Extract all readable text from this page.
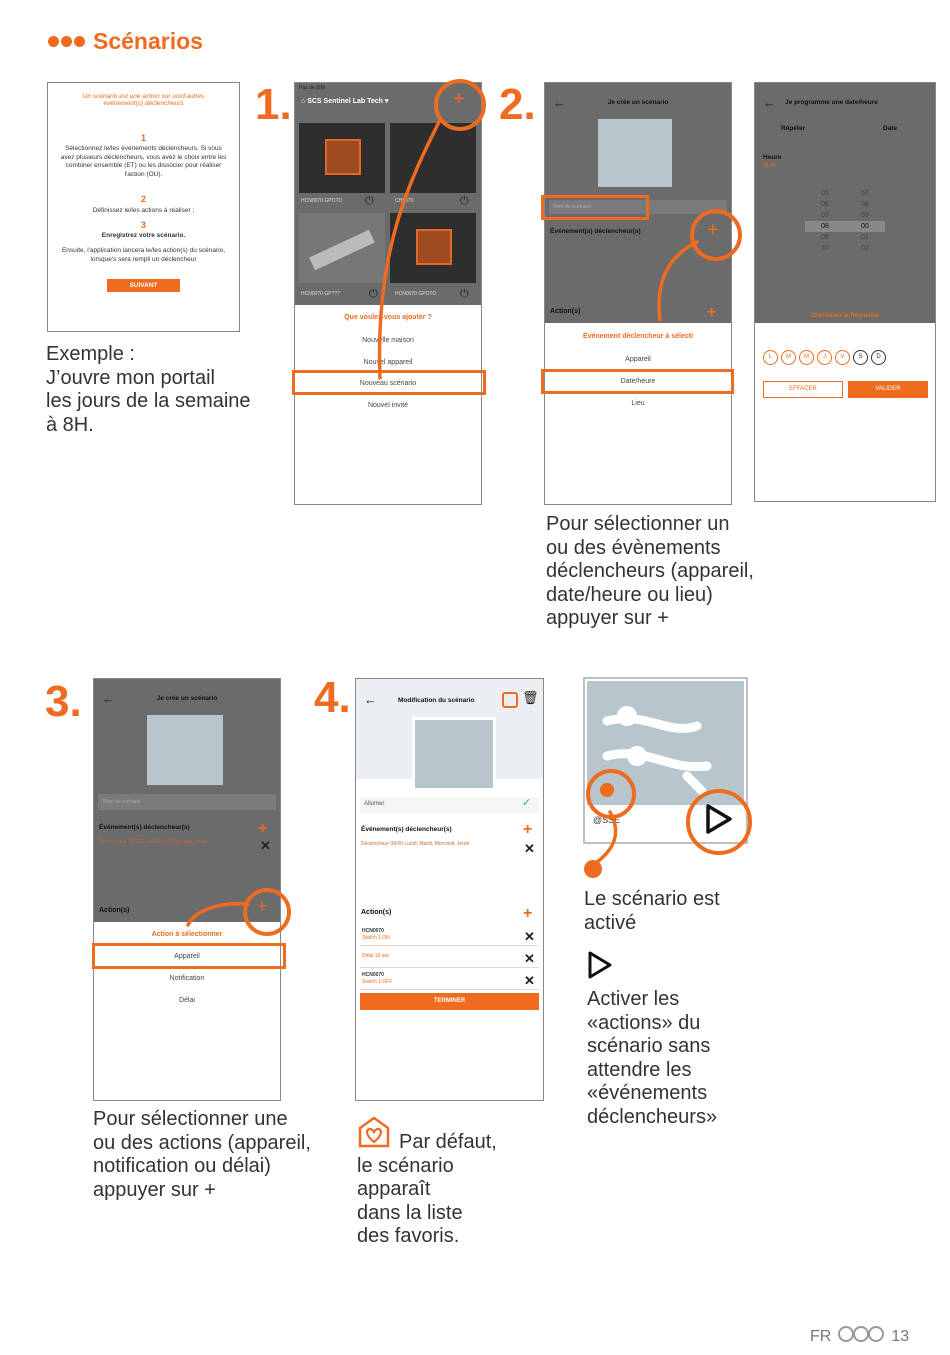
Scénarios
Un scénario est une action sur un/d'autres événement(s) déclencheurs
1
Sélectionnez le/les événements déclencheurs. Si vous avez plusieurs déclencheurs, vous avez le choix entre les combiner ensemble (ET) ou les dissocier pour réaliser l'action (OU).
2
Définissez le/les actions à réaliser ;
3
Enregistrez votre scénario.
Ensuite, l'application lancera le/les action(s) du scénario, lorsque's sera rempli un déclencheur
SUIVANT
Exemple :
J’ouvre mon portail
les jours de la semaine
à 8H.
1.	Pas de SIM
⌂ SCS Sentinel Lab Tech ▾
HCN0070 GPOTO ⏻	CH0070	⏻
HCN0070 GP???	⏻	HCN0070 GPOTO ⏻
Que voulez-vous ajouter ?
Nouvelle maison
Nouvel appareil
Nouveau scénario
Nouvel invité
+ 2. ←	Je crée un scénario
Nom du scénario
Événement(s) déclencheur(s)
Action(s)	+
Événement déclencheur à sélecti
Appareil
Date/heure
Lieu
+
← Je programme une date/heure
Répéter	Date
Heure
08:00
05	57
06	58
07	59
08	00
09	01
10	02
Choisissez la fréquence
L M M J V S D
EFFACER	VALIDER
Pour sélectionner un
ou des évènements
déclencheurs (appareil,
date/heure ou lieu)
appuyer sur +
3. ←	Je crée un scénario
Nom du scénario
Événement(s) déclencheur(s)	+
Déclencheur 08:00 Lundi, Mardi, Mercredi, Jeudi	✕
Action(s)
Action à sélectionner
Appareil
Notification
Délai
+
Pour sélectionner une
ou des actions (appareil,
notification ou délai)
appuyer sur +
4. ←	Modification du scénario	🗑
Allumer	✓
Événement(s) déclencheur(s)	+
Déclencheur 08:00 Lundi, Mardi, Mercredi, Jeudi	✕
Action(s)	+
HCN0070
Switch 1 ON	✕
Délai 10 sec	✕
HCN0070
Switch 1 OFF	✕
TERMINER
Par défaut,
le scénario
apparaît
dans la liste
des favoris.
@SSE
Le scénario est
activé
Activer les
«actions» du
scénario sans
attendre les
«événements
déclencheurs»
FR	13
